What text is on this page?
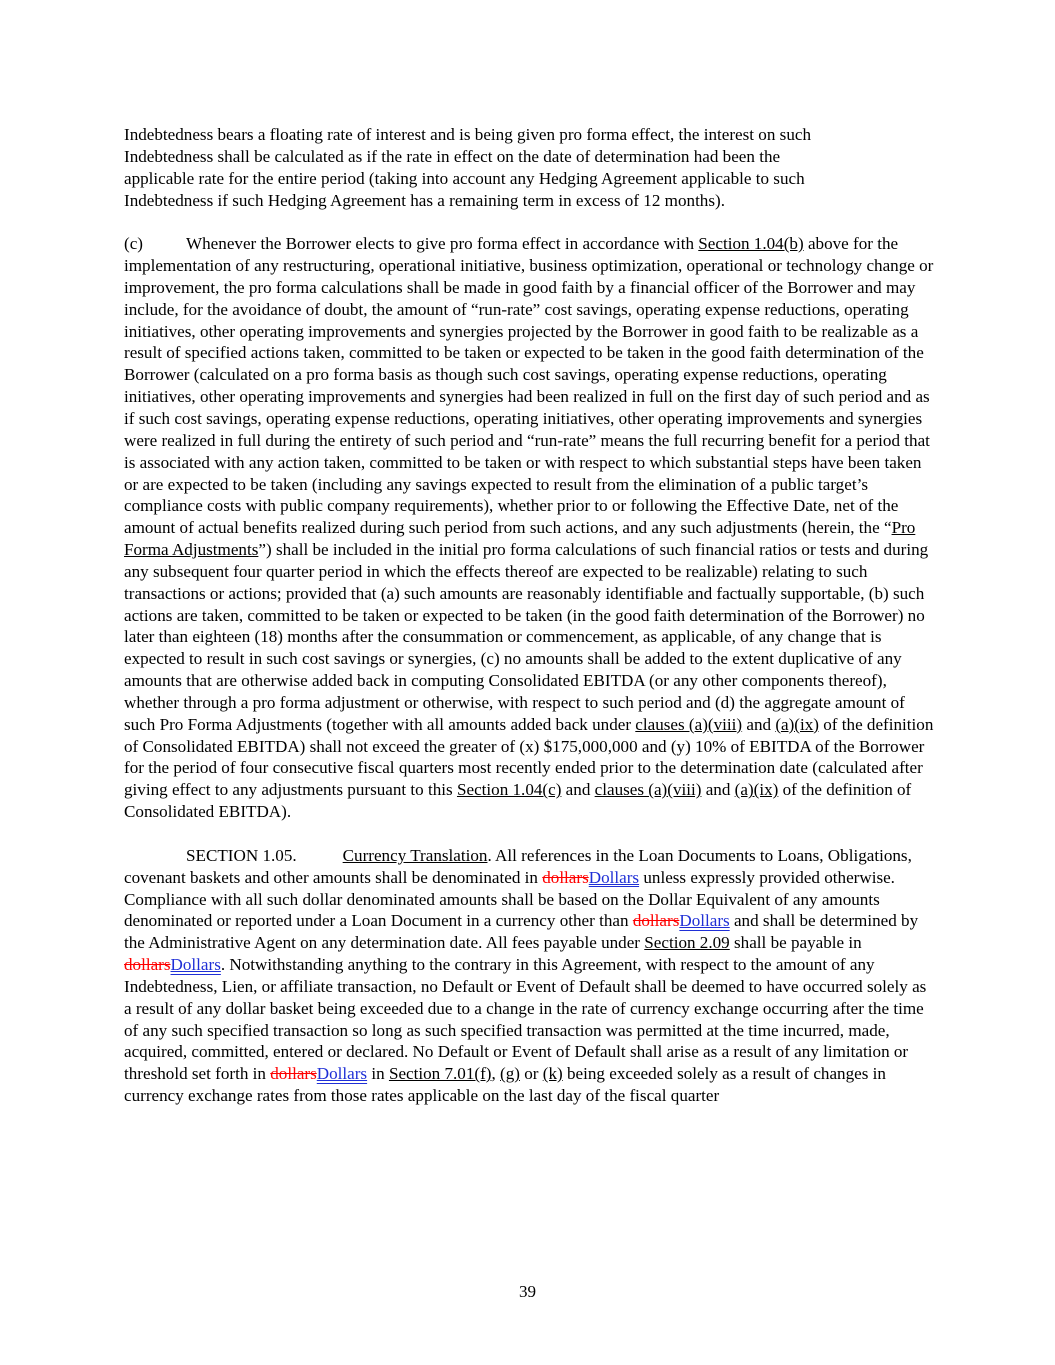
Indebtedness bears a floating rate of interest and is being given pro forma effect, the interest on such
Indebtedness shall be calculated as if the rate in effect on the date of determination had been the
applicable rate for the entire period (taking into account any Hedging Agreement applicable to such
Indebtedness if such Hedging Agreement has a remaining term in excess of 12 months).

(c)	Whenever the Borrower elects to give pro forma effect in accordance with Section 1.04(b) above for the implementation of any restructuring, operational initiative, business optimization, operational or technology change or improvement, the pro forma calculations shall be made in good faith by a financial officer of the Borrower and may include, for the avoidance of doubt, the amount of “run-rate” cost savings, operating expense reductions, operating initiatives, other operating improvements and synergies projected by the Borrower in good faith to be realizable as a result of specified actions taken, committed to be taken or expected to be taken in the good faith determination of the Borrower (calculated on a pro forma basis as though such cost savings, operating expense reductions, operating initiatives, other operating improvements and synergies had been realized in full on the first day of such period and as if such cost savings, operating expense reductions, operating initiatives, other operating improvements and synergies were realized in full during the entirety of such period and “run-rate” means the full recurring benefit for a period that is associated with any action taken, committed to be taken or with respect to which substantial steps have been taken or are expected to be taken (including any savings expected to result from the elimination of a public target’s compliance costs with public company requirements), whether prior to or following the Effective Date, net of the amount of actual benefits realized during such period from such actions, and any such adjustments (herein, the “Pro Forma Adjustments”) shall be included in the initial pro forma calculations of such financial ratios or tests and during any subsequent four quarter period in which the effects thereof are expected to be realizable) relating to such transactions or actions; provided that (a) such amounts are reasonably identifiable and factually supportable, (b) such actions are taken, committed to be taken or expected to be taken (in the good faith determination of the Borrower) no later than eighteen (18) months after the consummation or commencement, as applicable, of any change that is expected to result in such cost savings or synergies, (c) no amounts shall be added to the extent duplicative of any amounts that are otherwise added back in computing Consolidated EBITDA (or any other components thereof), whether through a pro forma adjustment or otherwise, with respect to such period and (d) the aggregate amount of such Pro Forma Adjustments (together with all amounts added back under clauses (a)(viii) and (a)(ix) of the definition of Consolidated EBITDA) shall not exceed the greater of (x) $175,000,000 and (y) 10% of EBITDA of the Borrower for the period of four consecutive fiscal quarters most recently ended prior to the determination date (calculated after giving effect to any adjustments pursuant to this Section 1.04(c) and clauses (a)(viii) and (a)(ix) of the definition of Consolidated EBITDA).

SECTION 1.05.	Currency Translation. All references in the Loan Documents to Loans, Obligations, covenant baskets and other amounts shall be denominated in dollarsDollars unless expressly provided otherwise. Compliance with all such dollar denominated amounts shall be based on the Dollar Equivalent of any amounts denominated or reported under a Loan Document in a currency other than dollarsDollars and shall be determined by the Administrative Agent on any determination date. All fees payable under Section 2.09 shall be payable in dollarsDollars. Notwithstanding anything to the contrary in this Agreement, with respect to the amount of any Indebtedness, Lien, or affiliate transaction, no Default or Event of Default shall be deemed to have occurred solely as a result of any dollar basket being exceeded due to a change in the rate of currency exchange occurring after the time of any such specified transaction so long as such specified transaction was permitted at the time incurred, made, acquired, committed, entered or declared. No Default or Event of Default shall arise as a result of any limitation or threshold set forth in dollarsDollars in Section 7.01(f), (g) or (k) being exceeded solely as a result of changes in currency exchange rates from those rates applicable on the last day of the fiscal quarter

39
